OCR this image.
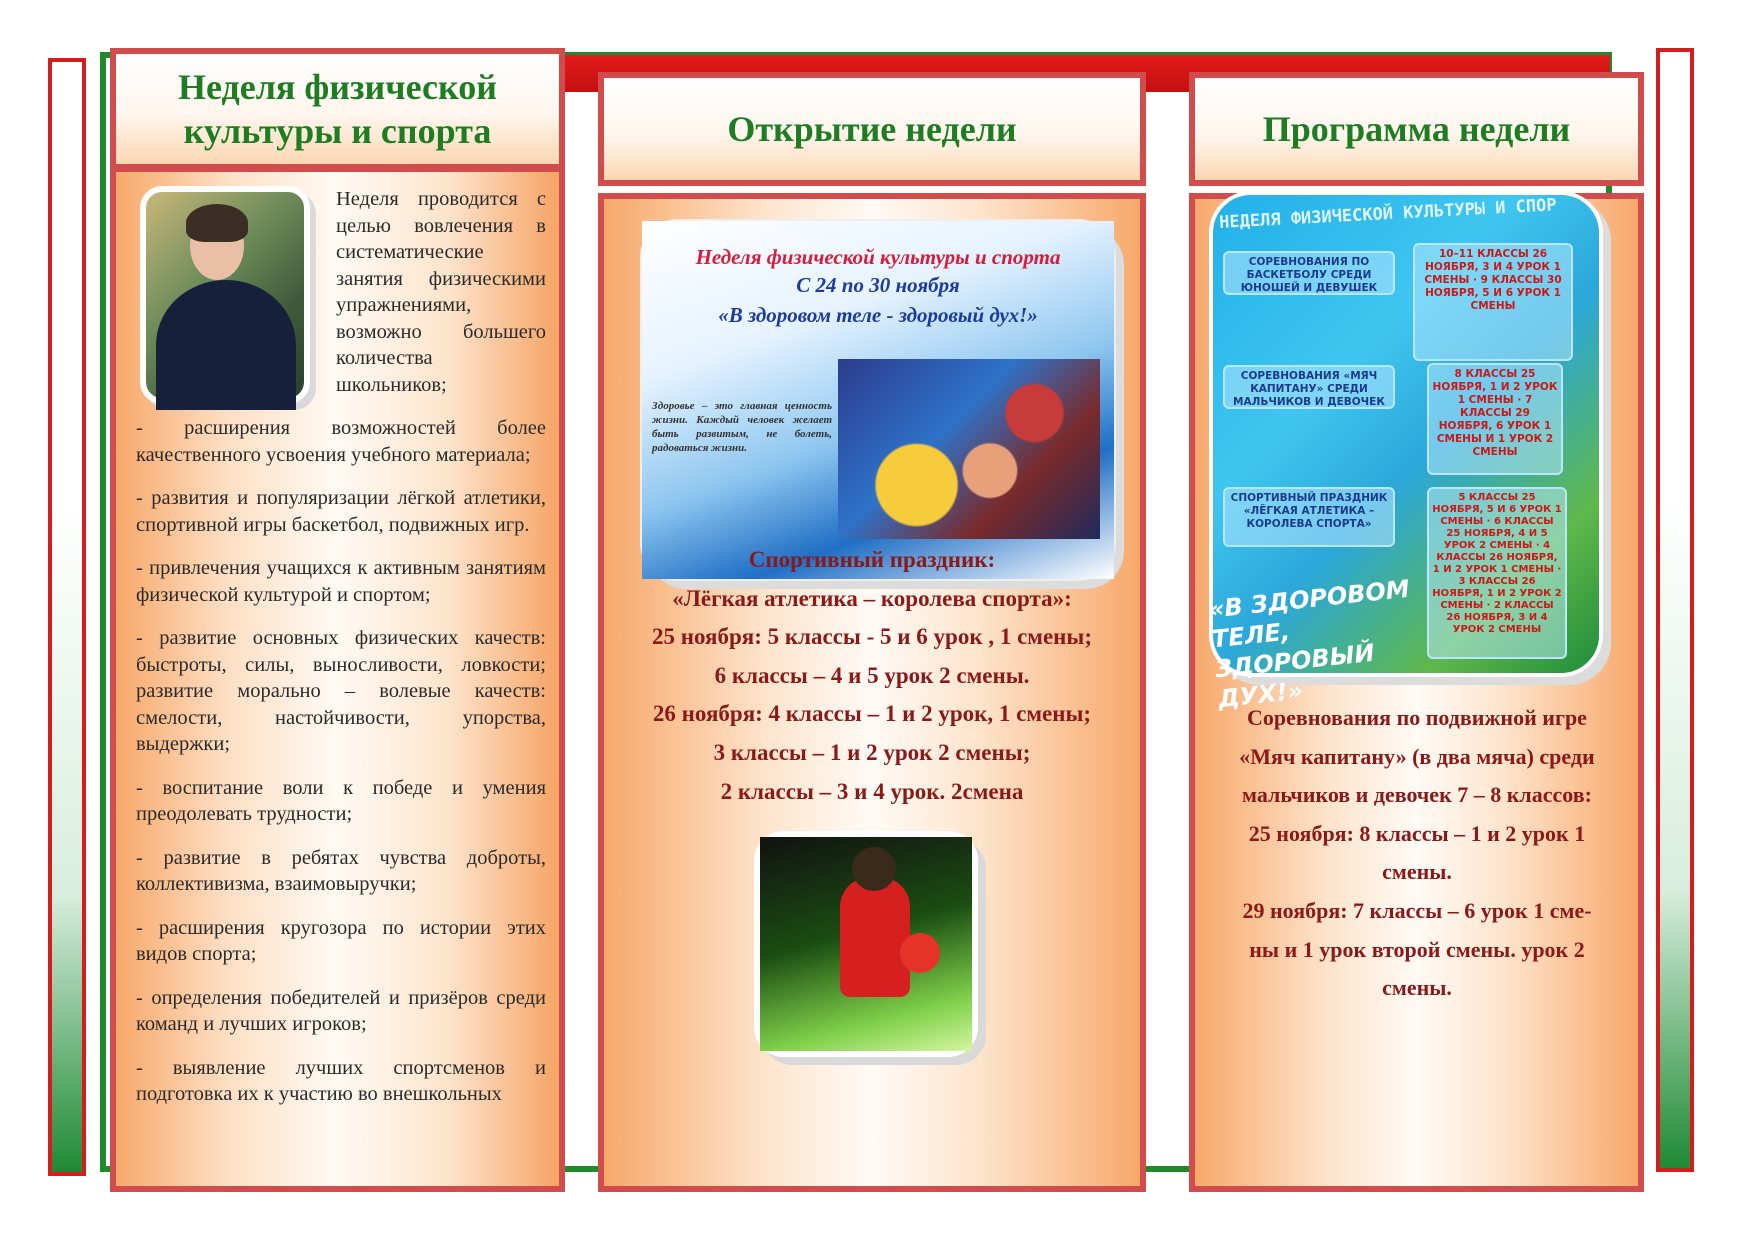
Неделя физической культуры и спорта

Неделя проводится с целью вовлечения в систематические занятия физическими упражнениями, возможно большего количества школьников;

- расширения возможностей более качественного усвоения учебного материала;

- развития и популяризации лёгкой атлетики, спортивной игры баскетбол, подвижных игр.

- привлечения учащихся к активным занятиям физической культурой и спортом;

- развитие основных физических качеств: быстроты, силы, выносливости, ловкости; развитие морально – волевые качеств: смелости, настойчивости, упорства, выдержки;

- воспитание воли к победе и умения преодолевать трудности;

- развитие в ребятах чувства доброты, коллективизма, взаимовыручки;

- расширения кругозора по истории этих видов спорта;

- определения победителей и призёров среди команд и лучших игроков;

- выявление лучших спортсменов и подготовка их к участию во внешкольных

Открытие недели
Неделя физической культуры и спорта
С 24 по 30 ноября
«В здоровом теле - здоровый дух!»
Здоровье – это главная ценность жизни. Каждый человек желает быть развитым, не болеть, радоваться жизни.
Спортивный праздник:
«Лёгкая атлетика – королева спорта»:
25 ноября: 5 классы - 5 и 6 урок , 1 смены;
6 классы – 4 и 5 урок 2 смены.
26 ноября: 4 классы – 1 и 2 урок, 1 смены;
3 классы – 1 и 2 урок 2 смены;
2 классы – 3 и 4 урок. 2смена
Программа недели
НЕДЕЛЯ ФИЗИЧЕСКОЙ КУЛЬТУРЫ И СПОР
СОРЕВНОВАНИЯ ПО БАСКЕТБОЛУ СРЕДИ ЮНОШЕЙ И ДЕВУШЕК
СОРЕВНОВАНИЯ «МЯЧ КАПИТАНУ» СРЕДИ МАЛЬЧИКОВ И ДЕВОЧЕК
СПОРТИВНЫЙ ПРАЗДНИК «ЛЁГКАЯ АТЛЕТИКА – КОРОЛЕВА СПОРТА»
10–11 КЛАССЫ 26 НОЯБРЯ, 3 И 4 УРОК 1 СМЕНЫ · 9 КЛАССЫ 30 НОЯБРЯ, 5 И 6 УРОК 1 СМЕНЫ
8 КЛАССЫ 25 НОЯБРЯ, 1 И 2 УРОК 1 СМЕНЫ · 7 КЛАССЫ 29 НОЯБРЯ, 6 УРОК 1 СМЕНЫ И 1 УРОК 2 СМЕНЫ
5 КЛАССЫ 25 НОЯБРЯ, 5 И 6 УРОК 1 СМЕНЫ · 6 КЛАССЫ 25 НОЯБРЯ, 4 И 5 УРОК 2 СМЕНЫ · 4 КЛАССЫ 26 НОЯБРЯ, 1 И 2 УРОК 1 СМЕНЫ · 3 КЛАССЫ 26 НОЯБРЯ, 1 И 2 УРОК 2 СМЕНЫ · 2 КЛАССЫ 26 НОЯБРЯ, 3 И 4 УРОК 2 СМЕНЫ
«В ЗДОРОВОМ ТЕЛЕ, ЗДОРОВЫЙ ДУХ!»
Соревнования по подвижной игре
«Мяч капитану» (в два мяча) среди
мальчиков и девочек 7 – 8 классов:
25 ноября: 8 классы – 1 и 2 урок 1
смены.
29 ноября: 7 классы – 6 урок 1 сме-
ны и 1 урок второй смены. урок 2
смены.
